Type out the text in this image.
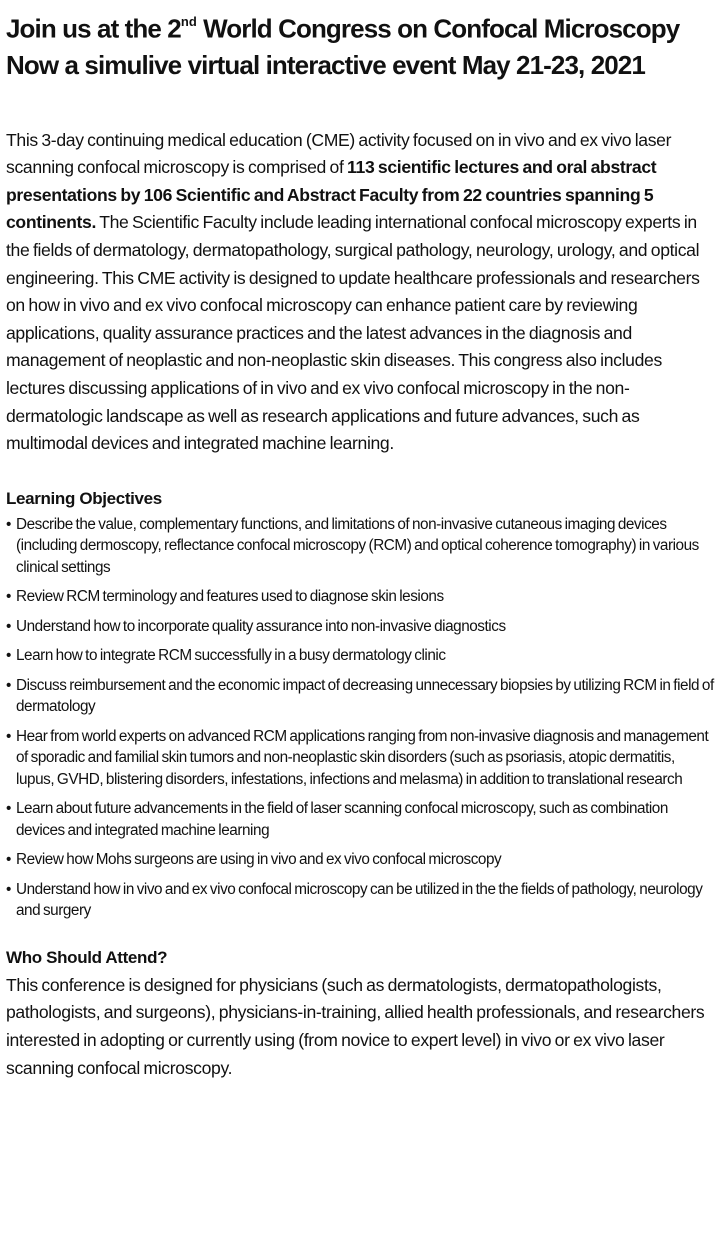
Join us at the 2nd World Congress on Confocal Microscopy
Now a simulive virtual interactive event May 21-23, 2021

This 3-day continuing medical education (CME) activity focused on in vivo and ex vivo laser scanning confocal microscopy is comprised of 113 scientific lectures and oral abstract presentations by 106 Scientific and Abstract Faculty from 22 countries spanning 5 continents. The Scientific Faculty include leading international confocal microscopy experts in the fields of dermatology, dermatopathology, surgical pathology, neurology, urology, and optical engineering. This CME activity is designed to update healthcare professionals and researchers on how in vivo and ex vivo confocal microscopy can enhance patient care by reviewing applications, quality assurance practices and the latest advances in the diagnosis and management of neoplastic and non-neoplastic skin diseases. This congress also includes lectures discussing applications of in vivo and ex vivo confocal microscopy in the non-dermatologic landscape as well as research applications and future advances, such as multimodal devices and integrated machine learning.

Learning Objectives
• Describe the value, complementary functions, and limitations of non-invasive cutaneous imaging devices (including dermoscopy, reflectance confocal microscopy (RCM) and optical coherence tomography) in various clinical settings
• Review RCM terminology and features used to diagnose skin lesions
• Understand how to incorporate quality assurance into non-invasive diagnostics
• Learn how to integrate RCM successfully in a busy dermatology clinic
• Discuss reimbursement and the economic impact of decreasing unnecessary biopsies by utilizing RCM in field of dermatology
• Hear from world experts on advanced RCM applications ranging from non-invasive diagnosis and management of sporadic and familial skin tumors and non-neoplastic skin disorders (such as psoriasis, atopic dermatitis, lupus, GVHD, blistering disorders, infestations, infections and melasma) in addition to translational research
• Learn about future advancements in the field of laser scanning confocal microscopy, such as combination devices and integrated machine learning
• Review how Mohs surgeons are using in vivo and ex vivo confocal microscopy
• Understand how in vivo and ex vivo confocal microscopy can be utilized in the the fields of pathology, neurology and surgery
Who Should Attend?

This conference is designed for physicians (such as dermatologists, dermatopathologists, pathologists, and surgeons), physicians-in-training, allied health professionals, and researchers interested in adopting or currently using (from novice to expert level) in vivo or ex vivo laser scanning confocal microscopy.
